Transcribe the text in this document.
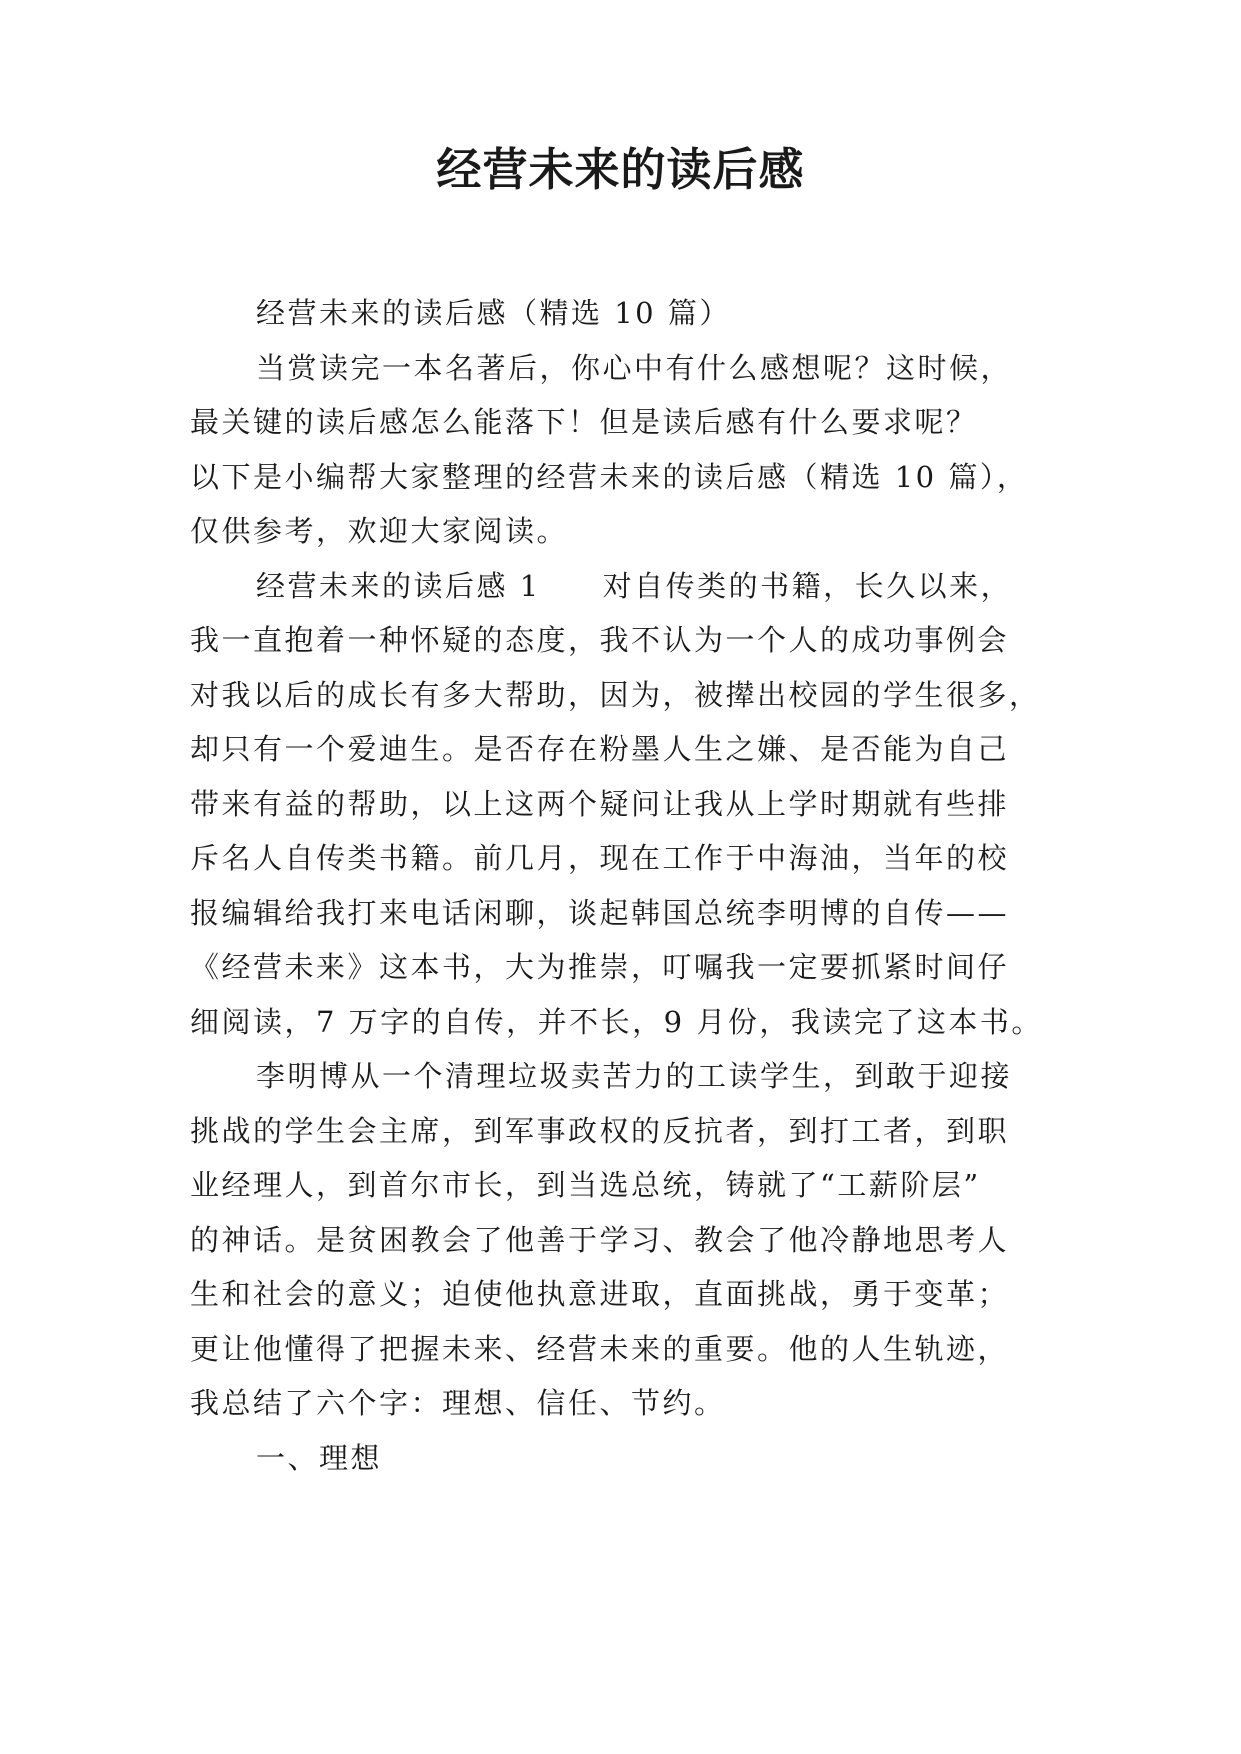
经营未来的读后感

经营未来的读后感（精选 10 篇）

当赏读完一本名著后，你心中有什么感想呢？这时候，
最关键的读后感怎么能落下！但是读后感有什么要求呢？
以下是小编帮大家整理的经营未来的读后感（精选 10 篇），
仅供参考，欢迎大家阅读。

经营未来的读后感 1 对自传类的书籍，长久以来，
我一直抱着一种怀疑的态度，我不认为一个人的成功事例会
对我以后的成长有多大帮助，因为，被撵出校园的学生很多，
却只有一个爱迪生。是否存在粉墨人生之嫌、是否能为自己
带来有益的帮助，以上这两个疑问让我从上学时期就有些排
斥名人自传类书籍。前几月，现在工作于中海油，当年的校
报编辑给我打来电话闲聊，谈起韩国总统李明博的自传——
《经营未来》这本书，大为推崇，叮嘱我一定要抓紧时间仔
细阅读，7 万字的自传，并不长，9 月份，我读完了这本书。

李明博从一个清理垃圾卖苦力的工读学生，到敢于迎接
挑战的学生会主席，到军事政权的反抗者，到打工者，到职
业经理人，到首尔市长，到当选总统，铸就了“工薪阶层”
的神话。是贫困教会了他善于学习、教会了他冷静地思考人
生和社会的意义；迫使他执意进取，直面挑战，勇于变革；
更让他懂得了把握未来、经营未来的重要。他的人生轨迹，
我总结了六个字：理想、信任、节约。

一、理想
